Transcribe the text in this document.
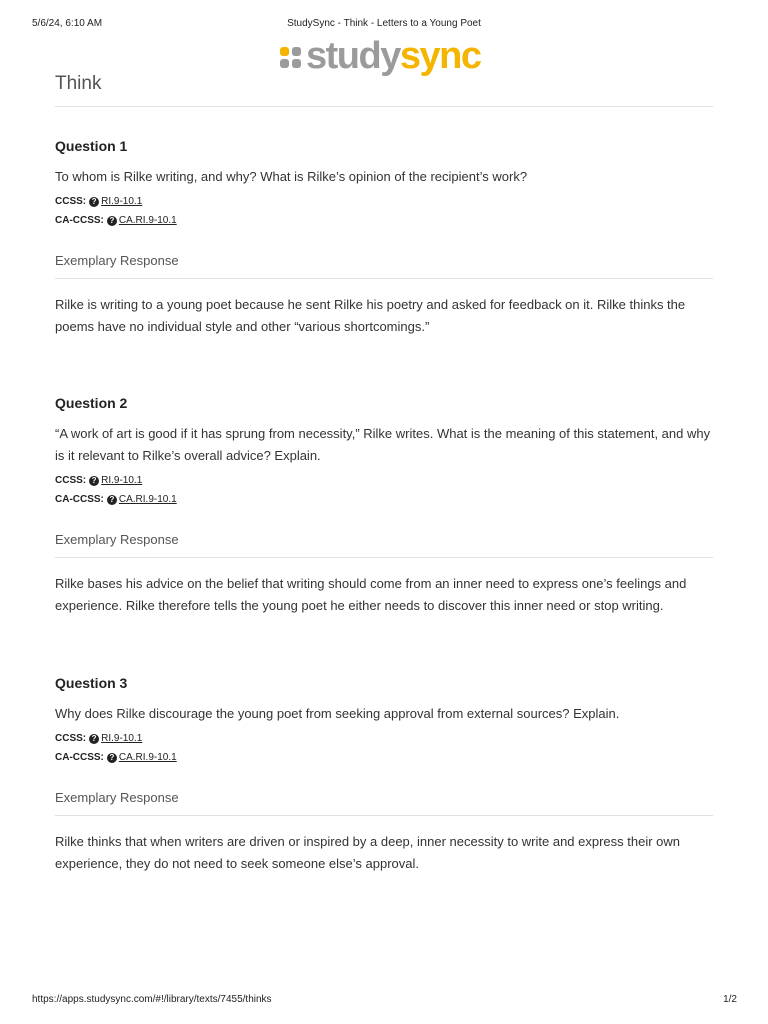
5/6/24, 6:10 AM	StudySync - Think - Letters to a Young Poet
studysync
Think
Question 1
To whom is Rilke writing, and why? What is Rilke’s opinion of the recipient’s work?
CCSS: ? RI.9-10.1
CA-CCSS: ? CA.RI.9-10.1
Exemplary Response
Rilke is writing to a young poet because he sent Rilke his poetry and asked for feedback on it. Rilke thinks the poems have no individual style and other “various shortcomings.”
Question 2
“A work of art is good if it has sprung from necessity,” Rilke writes. What is the meaning of this statement, and why is it relevant to Rilke’s overall advice? Explain.
CCSS: ? RI.9-10.1
CA-CCSS: ? CA.RI.9-10.1
Exemplary Response
Rilke bases his advice on the belief that writing should come from an inner need to express one’s feelings and experience. Rilke therefore tells the young poet he either needs to discover this inner need or stop writing.
Question 3
Why does Rilke discourage the young poet from seeking approval from external sources? Explain.
CCSS: ? RI.9-10.1
CA-CCSS: ? CA.RI.9-10.1
Exemplary Response
Rilke thinks that when writers are driven or inspired by a deep, inner necessity to write and express their own experience, they do not need to seek someone else’s approval.
https://apps.studysync.com/#!/library/texts/7455/thinks	1/2
